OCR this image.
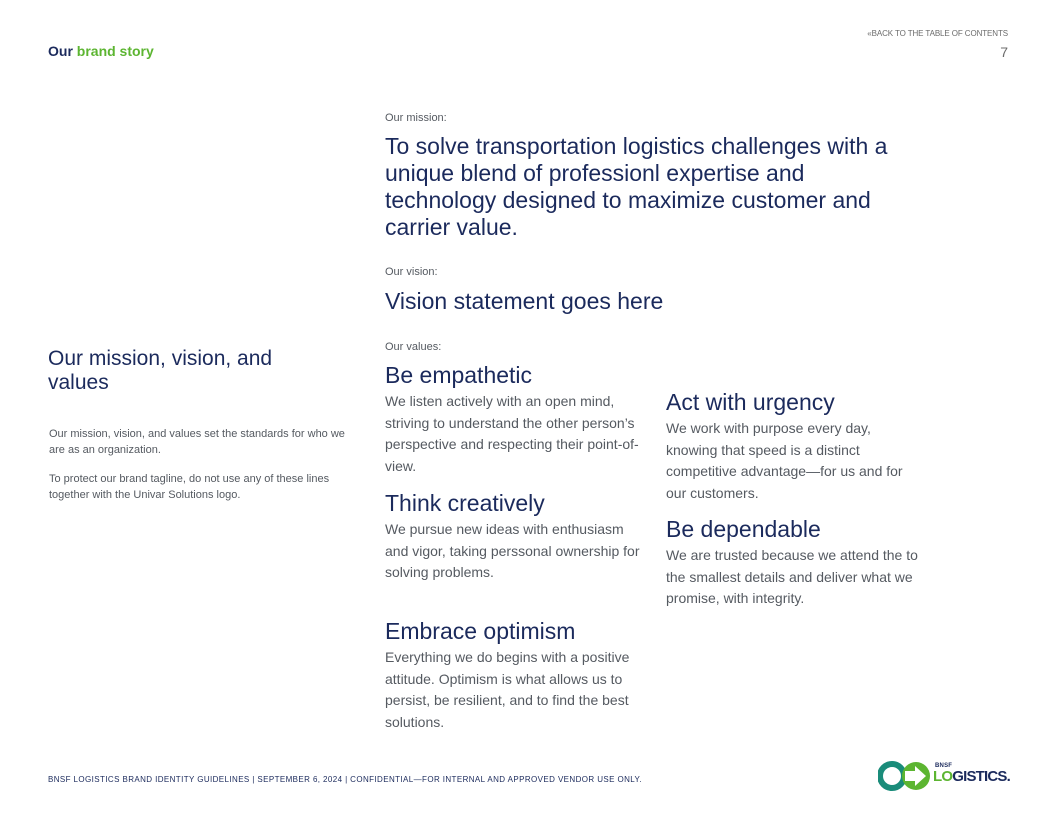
Our brand story
«BACK TO THE TABLE OF CONTENTS
7
Our mission, vision, and values
Our mission, vision, and values set the standards for who we are as an organization.
To protect our brand tagline, do not use any of these lines together with the Univar Solutions logo.
Our mission:
To solve transportation logistics challenges with a unique blend of professionl expertise and technology designed to maximize customer and carrier value.
Our vision:
Vision statement goes here
Our values:
Be empathetic
We listen actively with an open mind, striving to understand the other person’s perspective and respecting their point-of-view.
Think creatively
We pursue new ideas with enthusiasm and vigor, taking perssonal ownership for solving problems.
Embrace optimism
Everything we do begins with a positive attitude. Optimism is what allows us to persist, be resilient, and to find the best solutions.
Act with urgency
We work with purpose every day, knowing that speed is a distinct competitive advantage—for us and for our customers.
Be dependable
We are trusted because we attend the to the smallest details and deliver what we promise, with integrity.
BNSF LOGISTICS BRAND IDENTITY GUIDELINES | SEPTEMBER 6, 2024 | CONFIDENTIAL—FOR INTERNAL AND APPROVED VENDOR USE ONLY.
BNSF
LOGISTICS.
